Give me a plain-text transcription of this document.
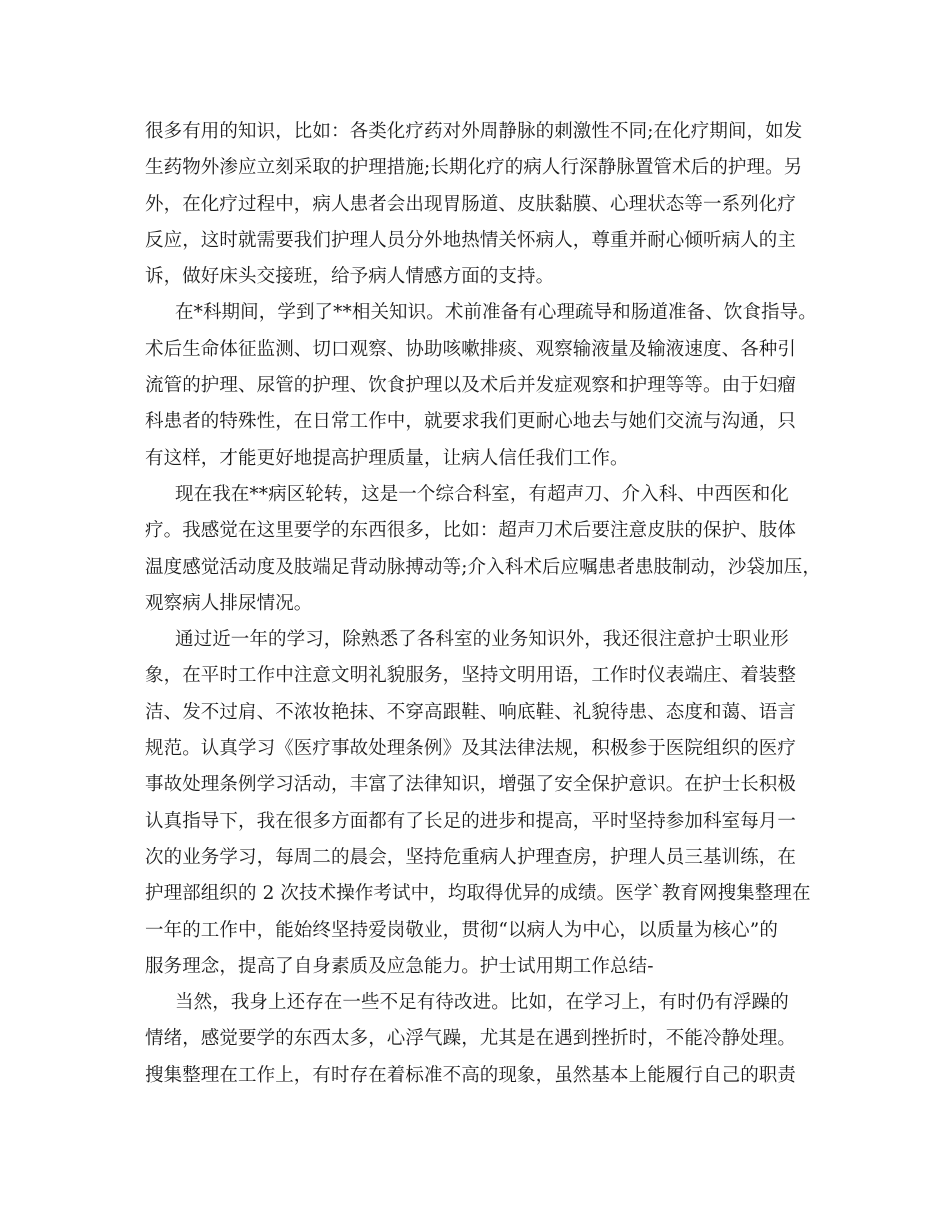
很多有用的知识，比如：各类化疗药对外周静脉的刺激性不同;在化疗期间，如发
生药物外渗应立刻采取的护理措施;长期化疗的病人行深静脉置管术后的护理。另
外，在化疗过程中，病人患者会出现胃肠道、皮肤黏膜、心理状态等一系列化疗
反应，这时就需要我们护理人员分外地热情关怀病人，尊重并耐心倾听病人的主
诉，做好床头交接班，给予病人情感方面的支持。
在*科期间，学到了**相关知识。术前准备有心理疏导和肠道准备、饮食指导。
术后生命体征监测、切口观察、协助咳嗽排痰、观察输液量及输液速度、各种引
流管的护理、尿管的护理、饮食护理以及术后并发症观察和护理等等。由于妇瘤
科患者的特殊性，在日常工作中，就要求我们更耐心地去与她们交流与沟通，只
有这样，才能更好地提高护理质量，让病人信任我们工作。
现在我在**病区轮转，这是一个综合科室，有超声刀、介入科、中西医和化
疗。我感觉在这里要学的东西很多，比如：超声刀术后要注意皮肤的保护、肢体
温度感觉活动度及肢端足背动脉搏动等;介入科术后应嘱患者患肢制动，沙袋加压，
观察病人排尿情况。
通过近一年的学习，除熟悉了各科室的业务知识外，我还很注意护士职业形
象，在平时工作中注意文明礼貌服务，坚持文明用语，工作时仪表端庄、着装整
洁、发不过肩、不浓妆艳抹、不穿高跟鞋、响底鞋、礼貌待患、态度和蔼、语言
规范。认真学习《医疗事故处理条例》及其法律法规，积极参于医院组织的医疗
事故处理条例学习活动，丰富了法律知识，增强了安全保护意识。在护士长积极
认真指导下，我在很多方面都有了长足的进步和提高，平时坚持参加科室每月一
次的业务学习，每周二的晨会，坚持危重病人护理查房，护理人员三基训练，在
护理部组织的 2 次技术操作考试中，均取得优异的成绩。医学`教育网搜集整理在
一年的工作中，能始终坚持爱岗敬业，贯彻“以病人为中心，以质量为核心”的
服务理念，提高了自身素质及应急能力。护士试用期工作总结-
当然，我身上还存在一些不足有待改进。比如，在学习上，有时仍有浮躁的
情绪，感觉要学的东西太多，心浮气躁，尤其是在遇到挫折时，不能冷静处理。
搜集整理在工作上，有时存在着标准不高的现象，虽然基本上能履行自己的职责
